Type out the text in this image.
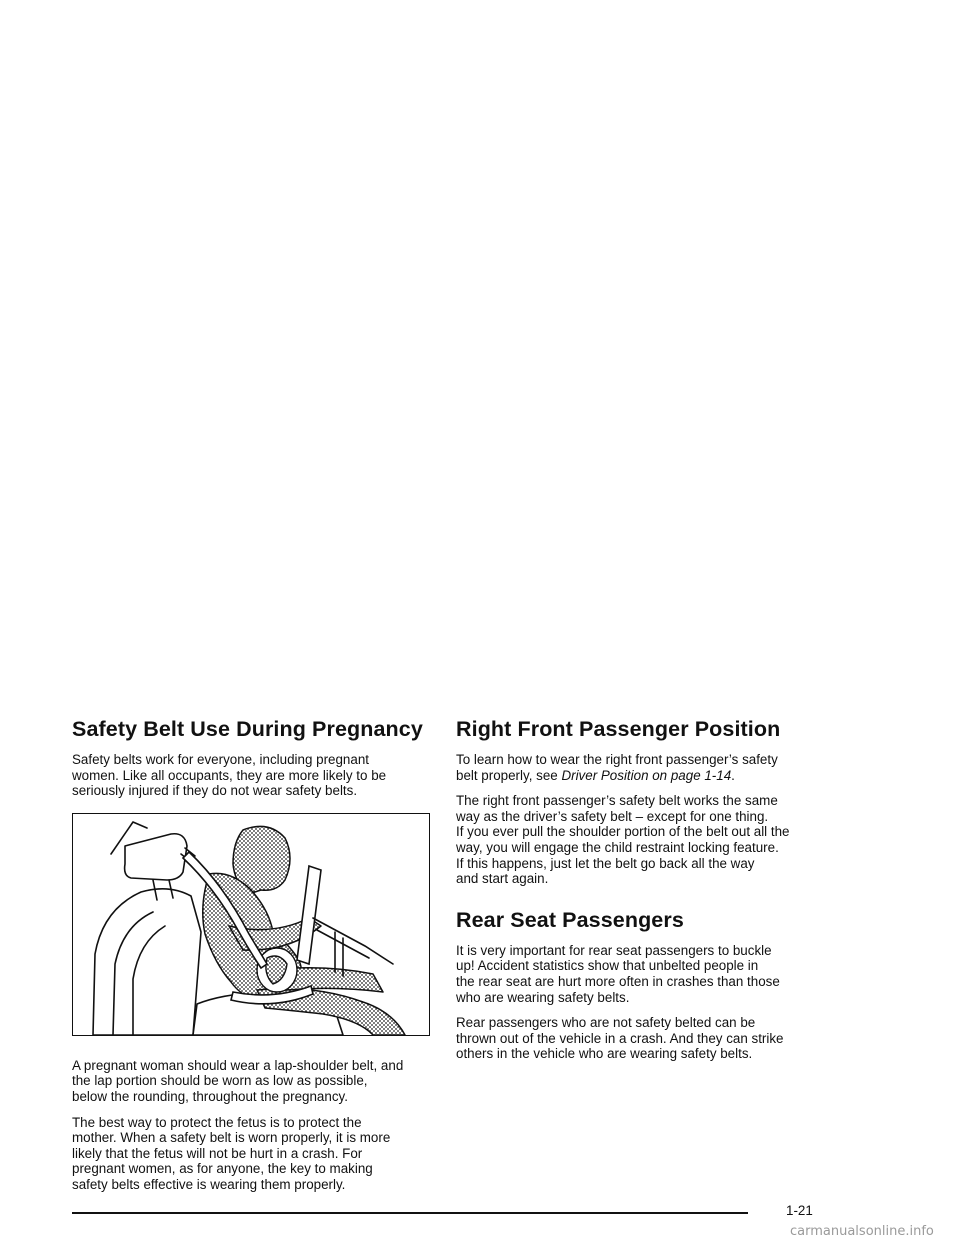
Safety Belt Use During Pregnancy

Safety belts work for everyone, including pregnant
women. Like all occupants, they are more likely to be
seriously injured if they do not wear safety belts.

A pregnant woman should wear a lap-shoulder belt, and
the lap portion should be worn as low as possible,
below the rounding, throughout the pregnancy.

The best way to protect the fetus is to protect the
mother. When a safety belt is worn properly, it is more
likely that the fetus will not be hurt in a crash. For
pregnant women, as for anyone, the key to making
safety belts effective is wearing them properly.

Right Front Passenger Position

To learn how to wear the right front passenger’s safety
belt properly, see Driver Position on page 1-14.

The right front passenger’s safety belt works the same
way as the driver’s safety belt – except for one thing.
If you ever pull the shoulder portion of the belt out all the
way, you will engage the child restraint locking feature.
If this happens, just let the belt go back all the way
and start again.

Rear Seat Passengers

It is very important for rear seat passengers to buckle
up! Accident statistics show that unbelted people in
the rear seat are hurt more often in crashes than those
who are wearing safety belts.

Rear passengers who are not safety belted can be
thrown out of the vehicle in a crash. And they can strike
others in the vehicle who are wearing safety belts.

1-21
carmanualsonline.info
